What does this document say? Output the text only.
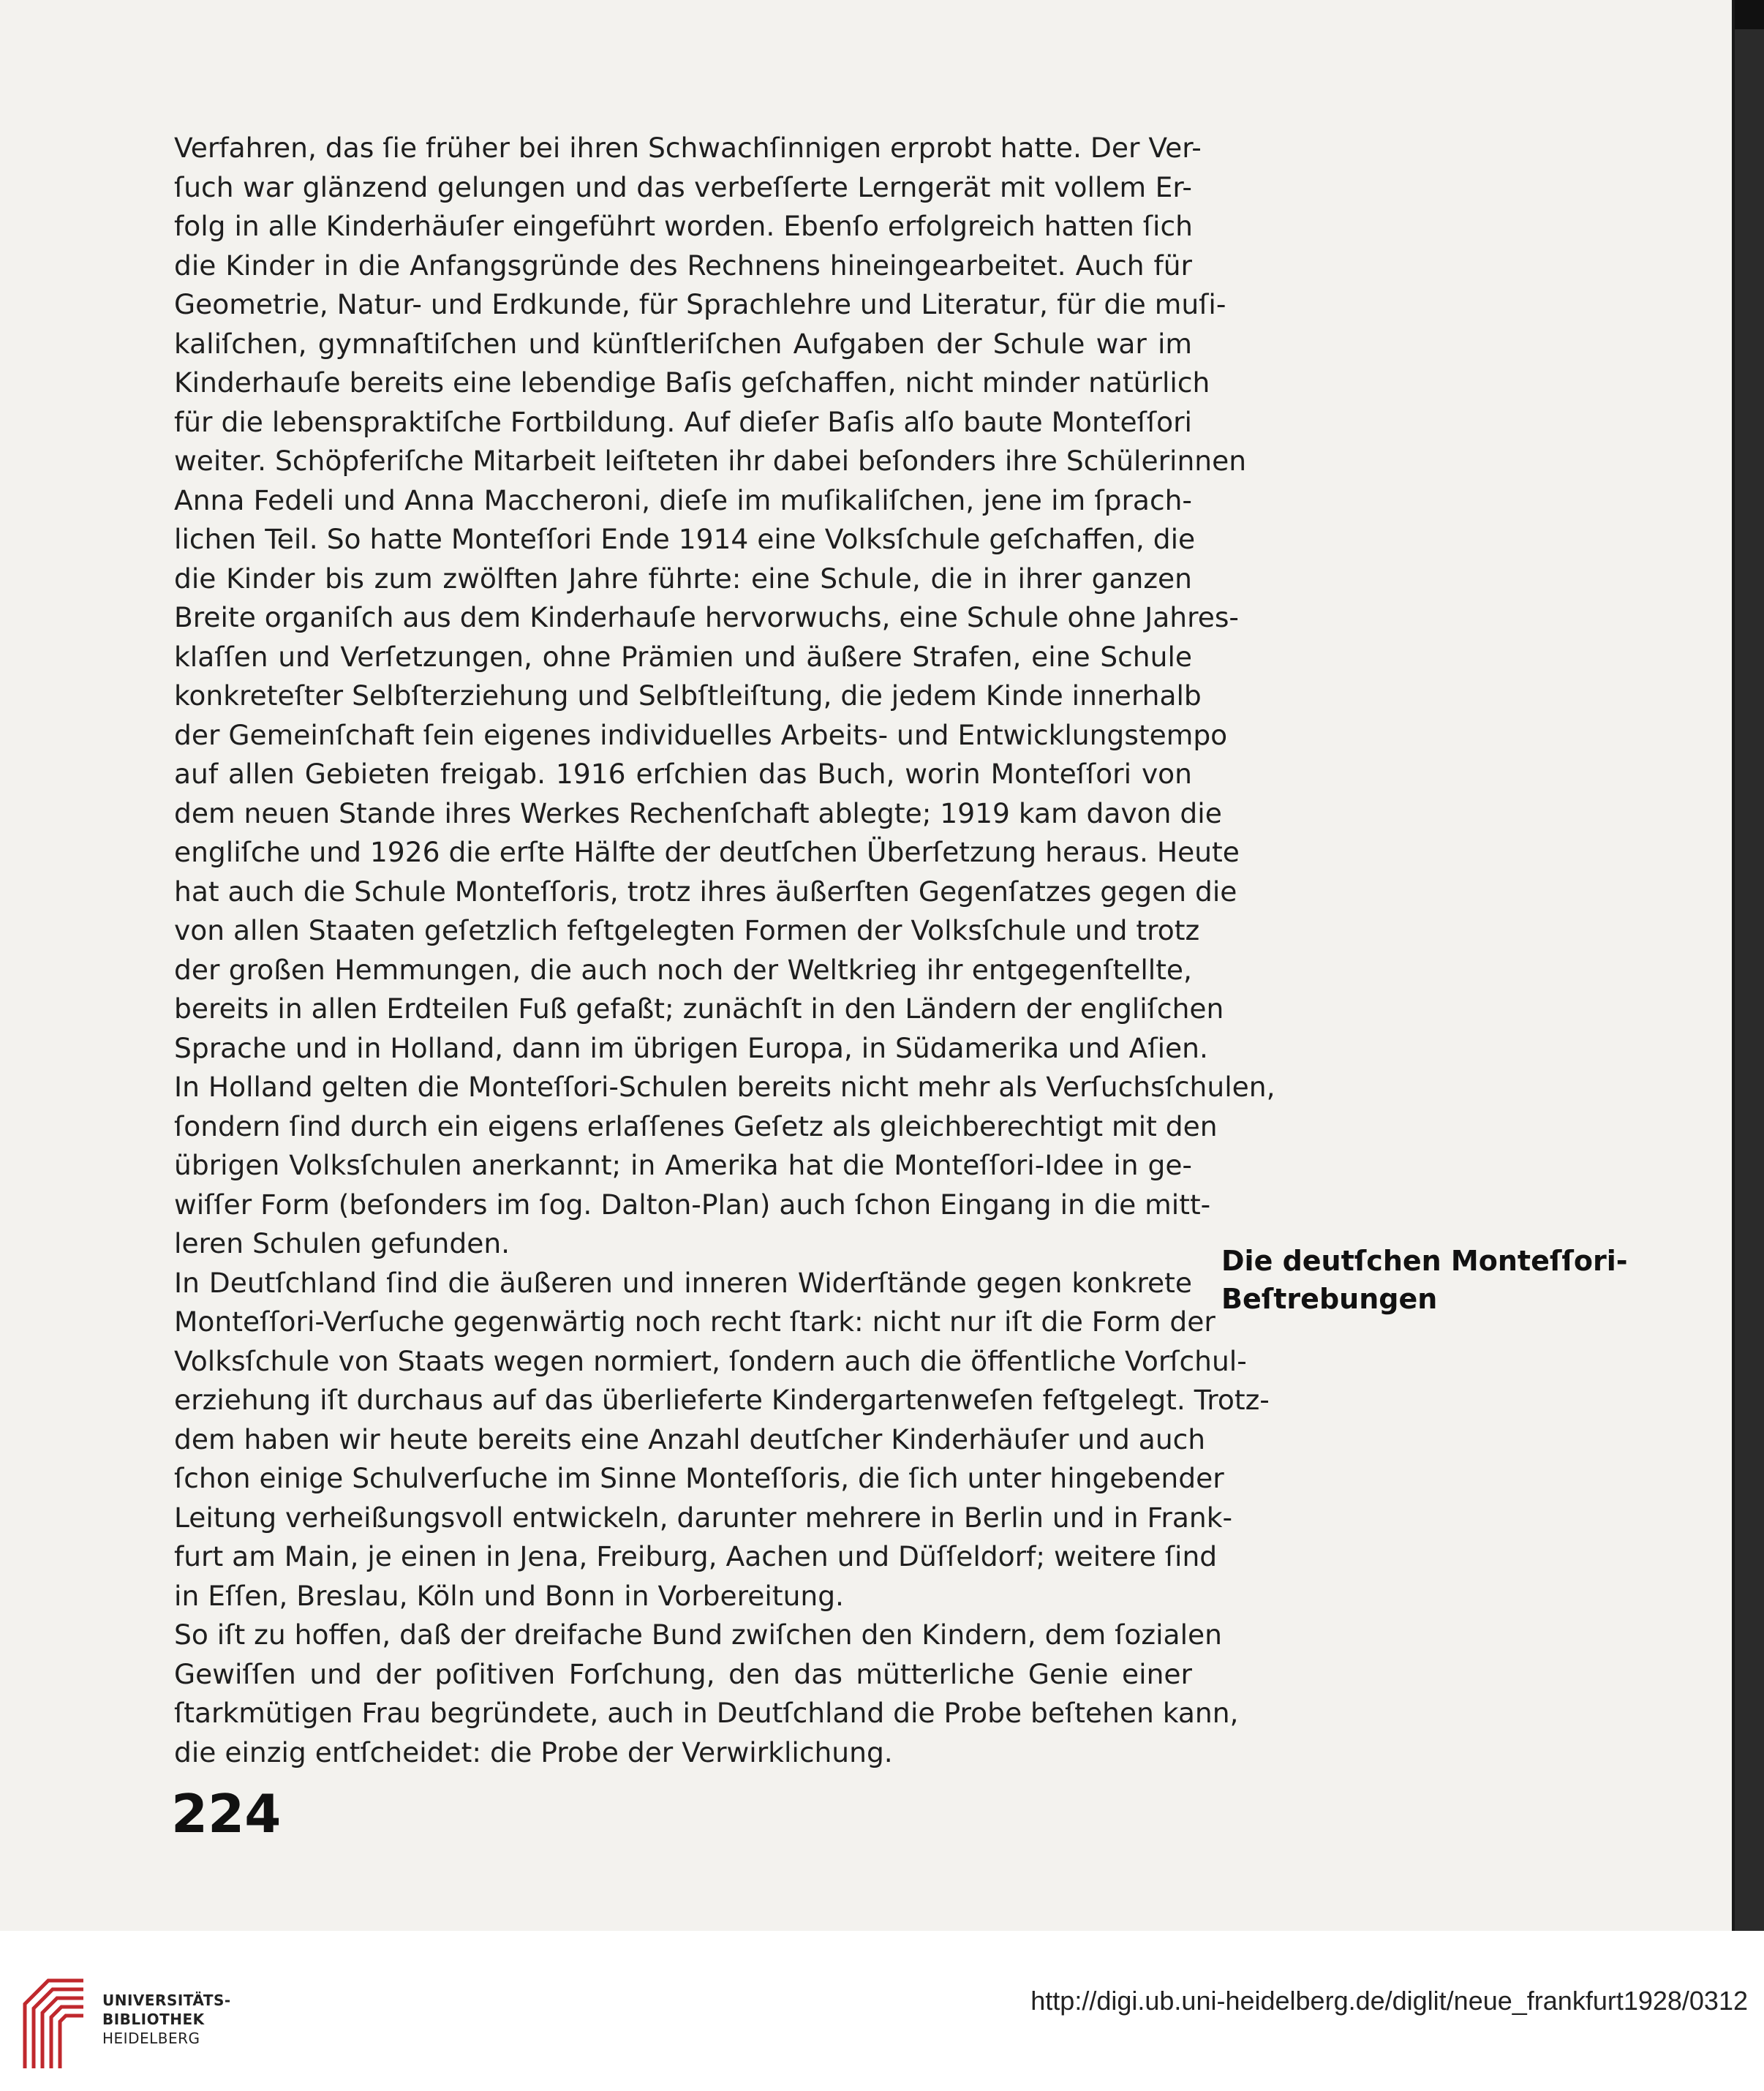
Verfahren, das ſie früher bei ihren Schwachſinnigen erprobt hatte. Der Ver-
ſuch war glänzend gelungen und das verbeſſerte Lerngerät mit vollem Er-
folg in alle Kinderhäuſer eingeführt worden. Ebenſo erfolgreich hatten ſich
die Kinder in die Anfangsgründe des Rechnens hineingearbeitet. Auch für
Geometrie, Natur- und Erdkunde, für Sprachlehre und Literatur, für die muſi-
kaliſchen, gymnaſtiſchen und künſtleriſchen Aufgaben der Schule war im
Kinderhauſe bereits eine lebendige Baſis geſchaffen, nicht minder natürlich
für die lebenspraktiſche Fortbildung. Auf dieſer Baſis alſo baute Monteſſori
weiter. Schöpferiſche Mitarbeit leiſteten ihr dabei beſonders ihre Schülerinnen
Anna Fedeli und Anna Maccheroni, dieſe im muſikaliſchen, jene im ſprach-
lichen Teil. So hatte Monteſſori Ende 1914 eine Volksſchule geſchaffen, die
die Kinder bis zum zwölften Jahre führte: eine Schule, die in ihrer ganzen
Breite organiſch aus dem Kinderhauſe hervorwuchs, eine Schule ohne Jahres-
klaſſen und Verſetzungen, ohne Prämien und äußere Strafen, eine Schule
konkreteſter Selbſterziehung und Selbſtleiſtung, die jedem Kinde innerhalb
der Gemeinſchaft ſein eigenes individuelles Arbeits- und Entwicklungstempo
auf allen Gebieten freigab. 1916 erſchien das Buch, worin Monteſſori von
dem neuen Stande ihres Werkes Rechenſchaft ablegte; 1919 kam davon die
engliſche und 1926 die erſte Hälfte der deutſchen Überſetzung heraus. Heute
hat auch die Schule Monteſſoris, trotz ihres äußerſten Gegenſatzes gegen die
von allen Staaten geſetzlich feſtgelegten Formen der Volksſchule und trotz
der großen Hemmungen, die auch noch der Weltkrieg ihr entgegenſtellte,
bereits in allen Erdteilen Fuß gefaßt; zunächſt in den Ländern der engliſchen
Sprache und in Holland, dann im übrigen Europa, in Südamerika und Aſien.
In Holland gelten die Monteſſori-Schulen bereits nicht mehr als Verſuchsſchulen,
ſondern ſind durch ein eigens erlaſſenes Geſetz als gleichberechtigt mit den
übrigen Volksſchulen anerkannt; in Amerika hat die Monteſſori-Idee in ge-
wiſſer Form (beſonders im ſog. Dalton-Plan) auch ſchon Eingang in die mitt-
leren Schulen gefunden.
In Deutſchland ſind die äußeren und inneren Widerſtände gegen konkrete
Monteſſori-Verſuche gegenwärtig noch recht ſtark: nicht nur iſt die Form der
Volksſchule von Staats wegen normiert, ſondern auch die öffentliche Vorſchul-
erziehung iſt durchaus auf das überlieferte Kindergartenweſen feſtgelegt. Trotz-
dem haben wir heute bereits eine Anzahl deutſcher Kinderhäuſer und auch
ſchon einige Schulverſuche im Sinne Monteſſoris, die ſich unter hingebender
Leitung verheißungsvoll entwickeln, darunter mehrere in Berlin und in Frank-
furt am Main, je einen in Jena, Freiburg, Aachen und Düſſeldorf; weitere ſind
in Eſſen, Breslau, Köln und Bonn in Vorbereitung.
So iſt zu hoffen, daß der dreifache Bund zwiſchen den Kindern, dem ſozialen
Gewiſſen und der poſitiven Forſchung, den das mütterliche Genie einer
ſtarkmütigen Frau begründete, auch in Deutſchland die Probe beſtehen kann,
die einzig entſcheidet: die Probe der Verwirklichung.
Die deutſchen Monteſſori-
Beſtrebungen
224
UNIVERSITÄTS-
BIBLIOTHEK
HEIDELBERG
http://digi.ub.uni-heidelberg.de/diglit/neue_frankfurt1928/0312
